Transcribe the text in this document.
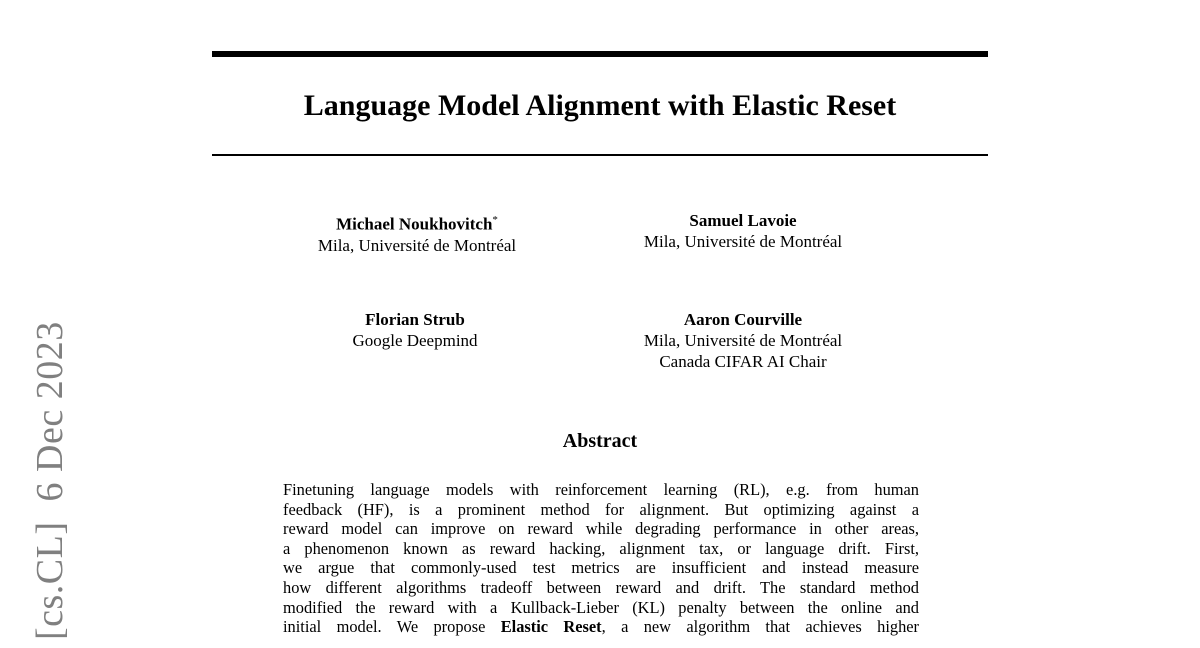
Language Model Alignment with Elastic Reset
Michael Noukhovitch*
Mila, Université de Montréal
Samuel Lavoie
Mila, Université de Montréal
Florian Strub
Google Deepmind
Aaron Courville
Mila, Université de Montréal
Canada CIFAR AI Chair
Abstract
Finetuning language models with reinforcement learning (RL), e.g. from human
feedback (HF), is a prominent method for alignment. But optimizing against a
reward model can improve on reward while degrading performance in other areas,
a phenomenon known as reward hacking, alignment tax, or language drift. First,
we argue that commonly-used test metrics are insufficient and instead measure
how different algorithms tradeoff between reward and drift. The standard method
modified the reward with a Kullback-Lieber (KL) penalty between the online and
initial model. We propose Elastic Reset, a new algorithm that achieves higher
[cs.CL]  6 Dec 2023
